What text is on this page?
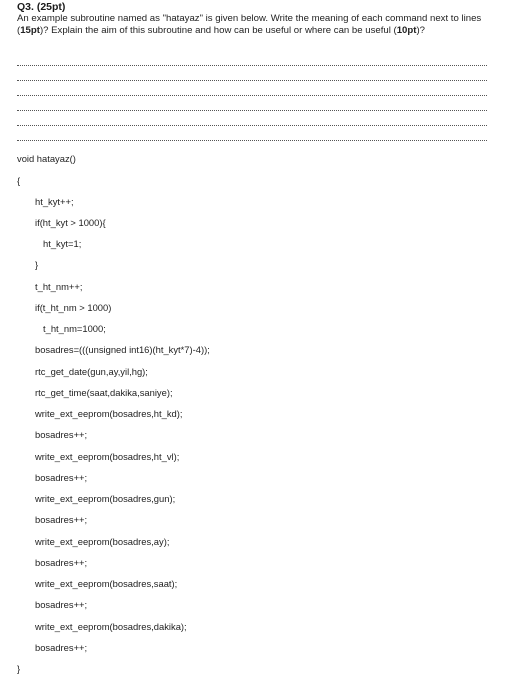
Q3. (25pt)
An example subroutine named as "hatayaz" is given below. Write the meaning of each command next to lines (15pt)? Explain the aim of this subroutine and how can be useful or where can be useful (10pt)?
void hatayaz()
{
ht_kyt++;
if(ht_kyt > 1000){
ht_kyt=1;
}
t_ht_nm++;
if(t_ht_nm > 1000)
t_ht_nm=1000;
bosadres=(((unsigned int16)(ht_kyt*7)-4));
rtc_get_date(gun,ay,yil,hg);
rtc_get_time(saat,dakika,saniye);
write_ext_eeprom(bosadres,ht_kd);
bosadres++;
write_ext_eeprom(bosadres,ht_vl);
bosadres++;
write_ext_eeprom(bosadres,gun);
bosadres++;
write_ext_eeprom(bosadres,ay);
bosadres++;
write_ext_eeprom(bosadres,saat);
bosadres++;
write_ext_eeprom(bosadres,dakika);
bosadres++;
}
